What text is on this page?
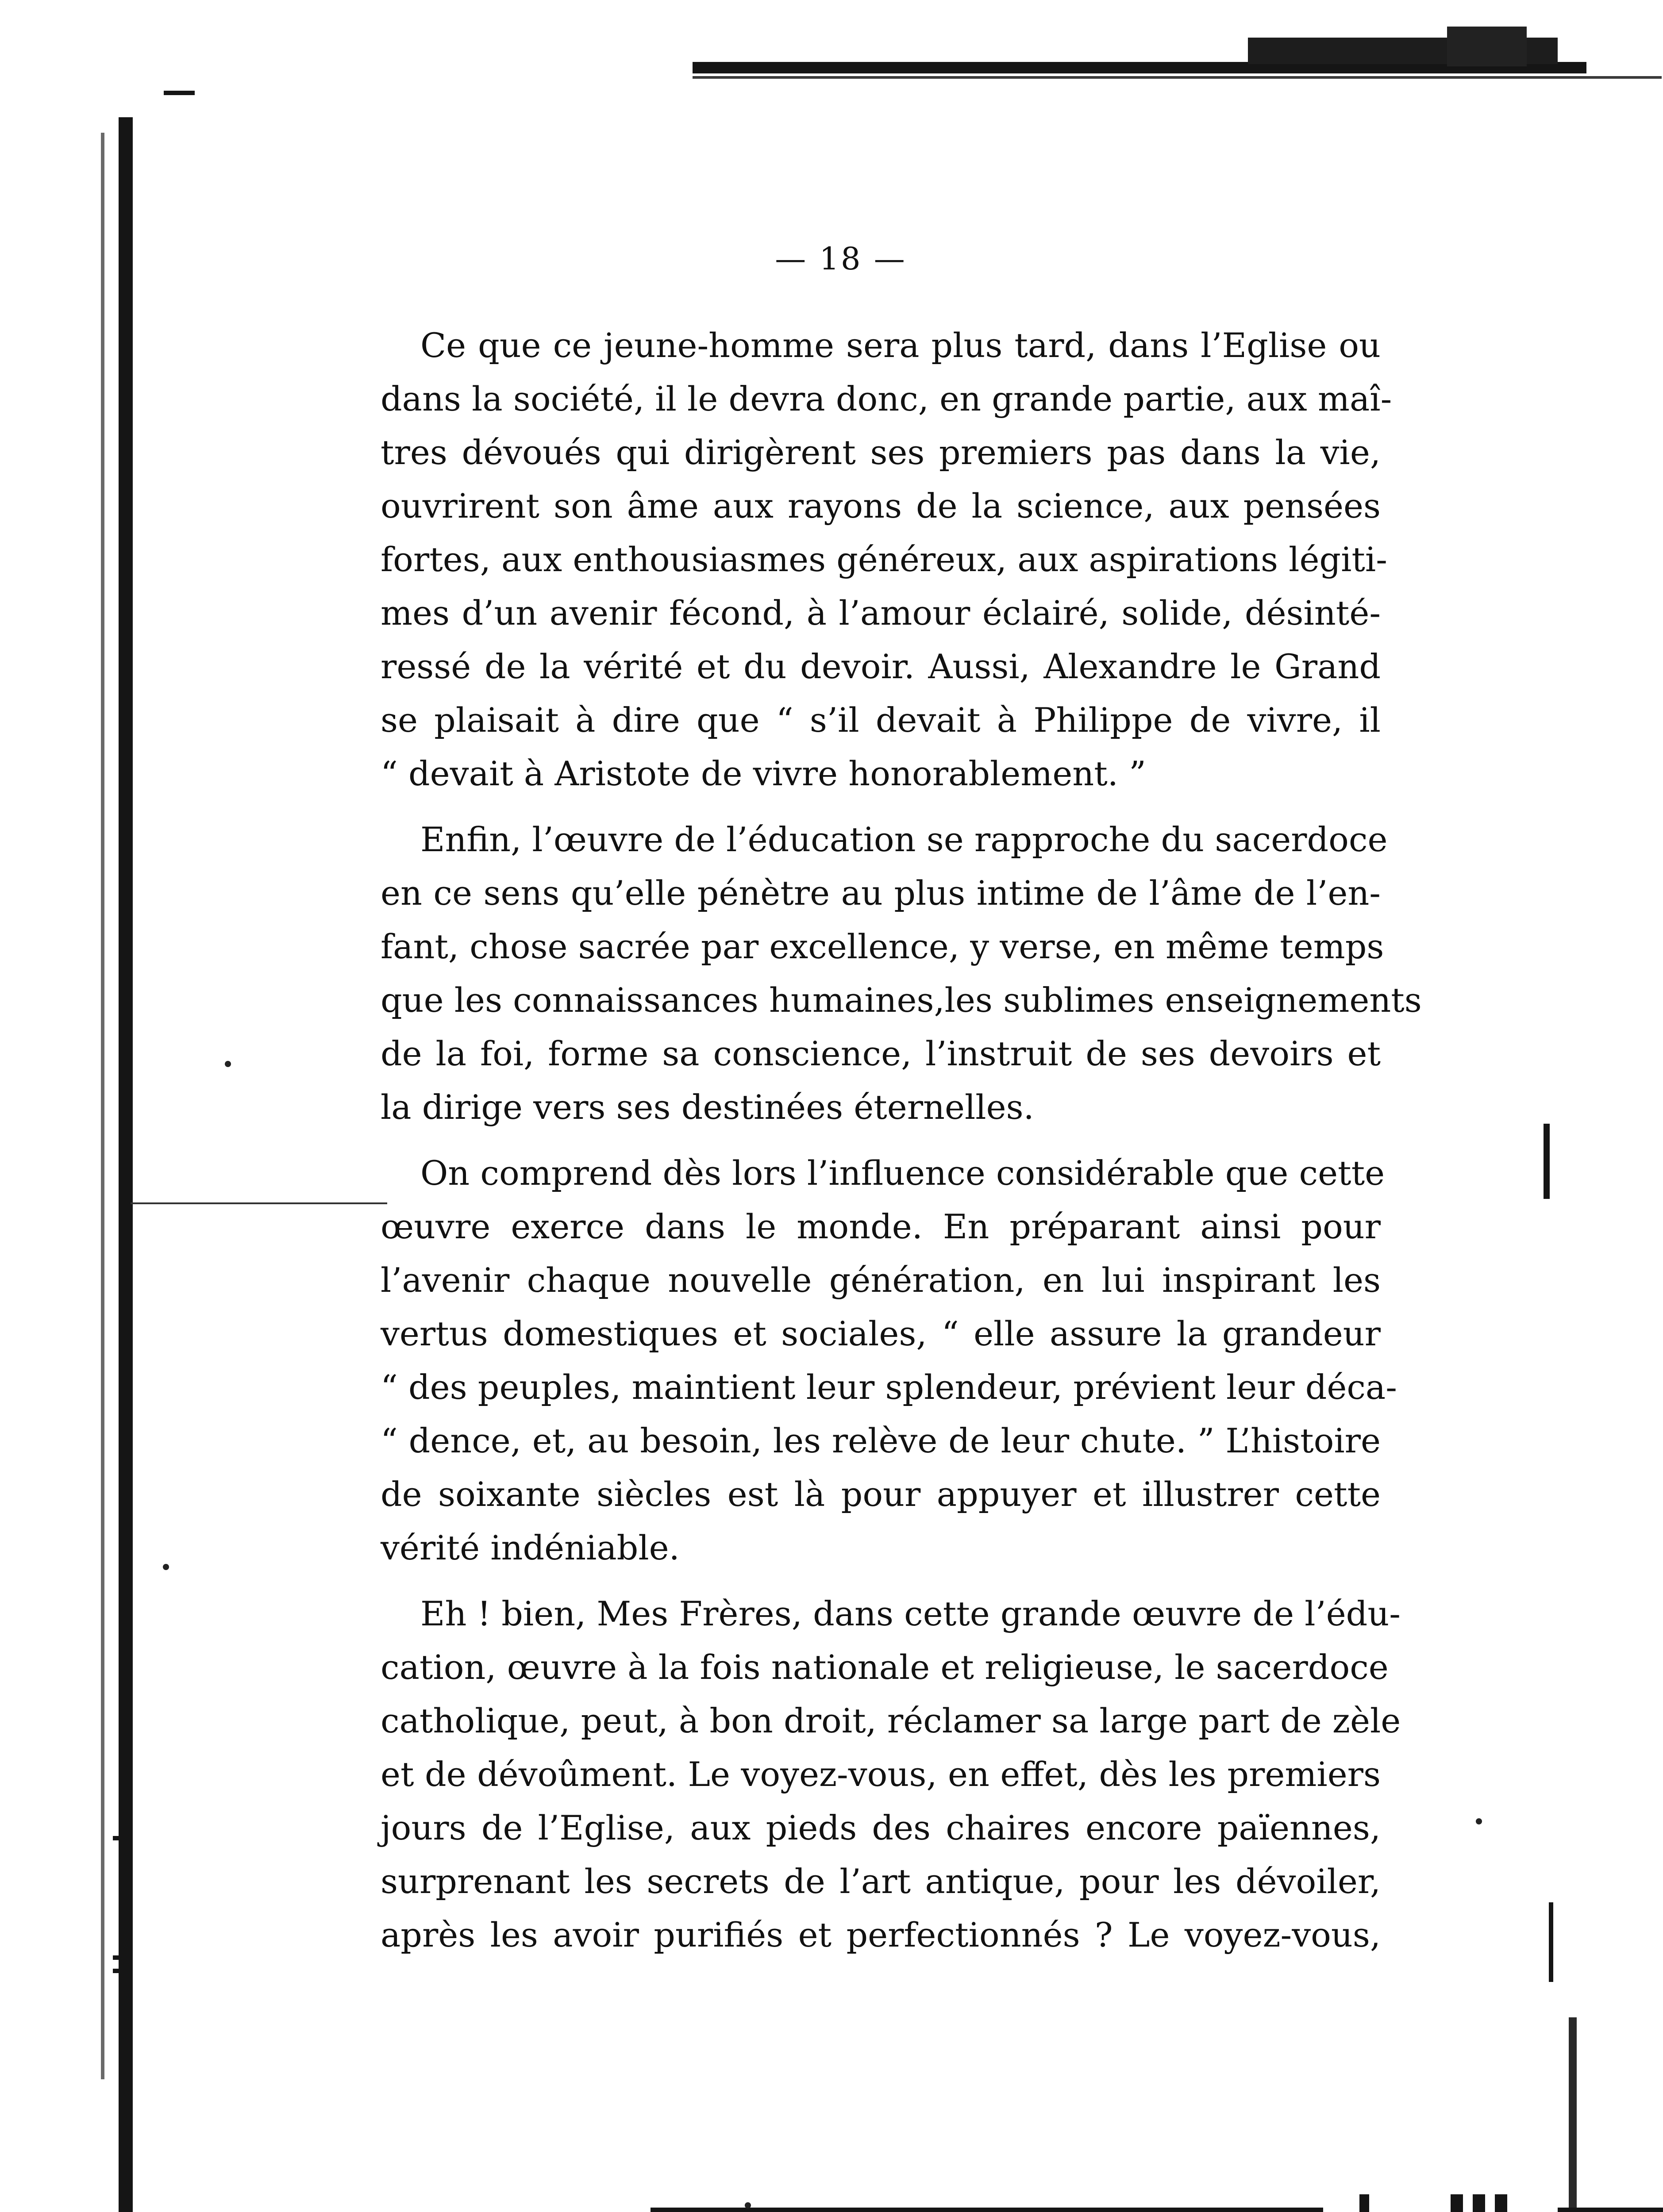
— 18 —
Ce que ce jeune-homme sera plus tard, dans l’Eglise ou
dans la société, il le devra donc, en grande partie, aux maî-
tres dévoués qui dirigèrent ses premiers pas dans la vie,
ouvrirent son âme aux rayons de la science, aux pensées
fortes, aux enthousiasmes généreux, aux aspirations légiti-
mes d’un avenir fécond, à l’amour éclairé, solide, désinté-
ressé de la vérité et du devoir. Aussi, Alexandre le Grand
se plaisait à dire que “ s’il devait à Philippe de vivre, il
“ devait à Aristote de vivre honorablement. ”
Enfin, l’œuvre de l’éducation se rapproche du sacerdoce
en ce sens qu’elle pénètre au plus intime de l’âme de l’en-
fant, chose sacrée par excellence, y verse, en même temps
que les connaissances humaines,les sublimes enseignements
de la foi, forme sa conscience, l’instruit de ses devoirs et
la dirige vers ses destinées éternelles.
On comprend dès lors l’influence considérable que cette
œuvre exerce dans le monde. En préparant ainsi pour
l’avenir chaque nouvelle génération, en lui inspirant les
vertus domestiques et sociales, “ elle assure la grandeur
“ des peuples, maintient leur splendeur, prévient leur déca-
“ dence, et, au besoin, les relève de leur chute. ” L’histoire
de soixante siècles est là pour appuyer et illustrer cette
vérité indéniable.
Eh ! bien, Mes Frères, dans cette grande œuvre de l’édu-
cation, œuvre à la fois nationale et religieuse, le sacerdoce
catholique, peut, à bon droit, réclamer sa large part de zèle
et de dévoûment. Le voyez-vous, en effet, dès les premiers
jours de l’Eglise, aux pieds des chaires encore païennes,
surprenant les secrets de l’art antique, pour les dévoiler,
après les avoir purifiés et perfectionnés ? Le voyez-vous,
